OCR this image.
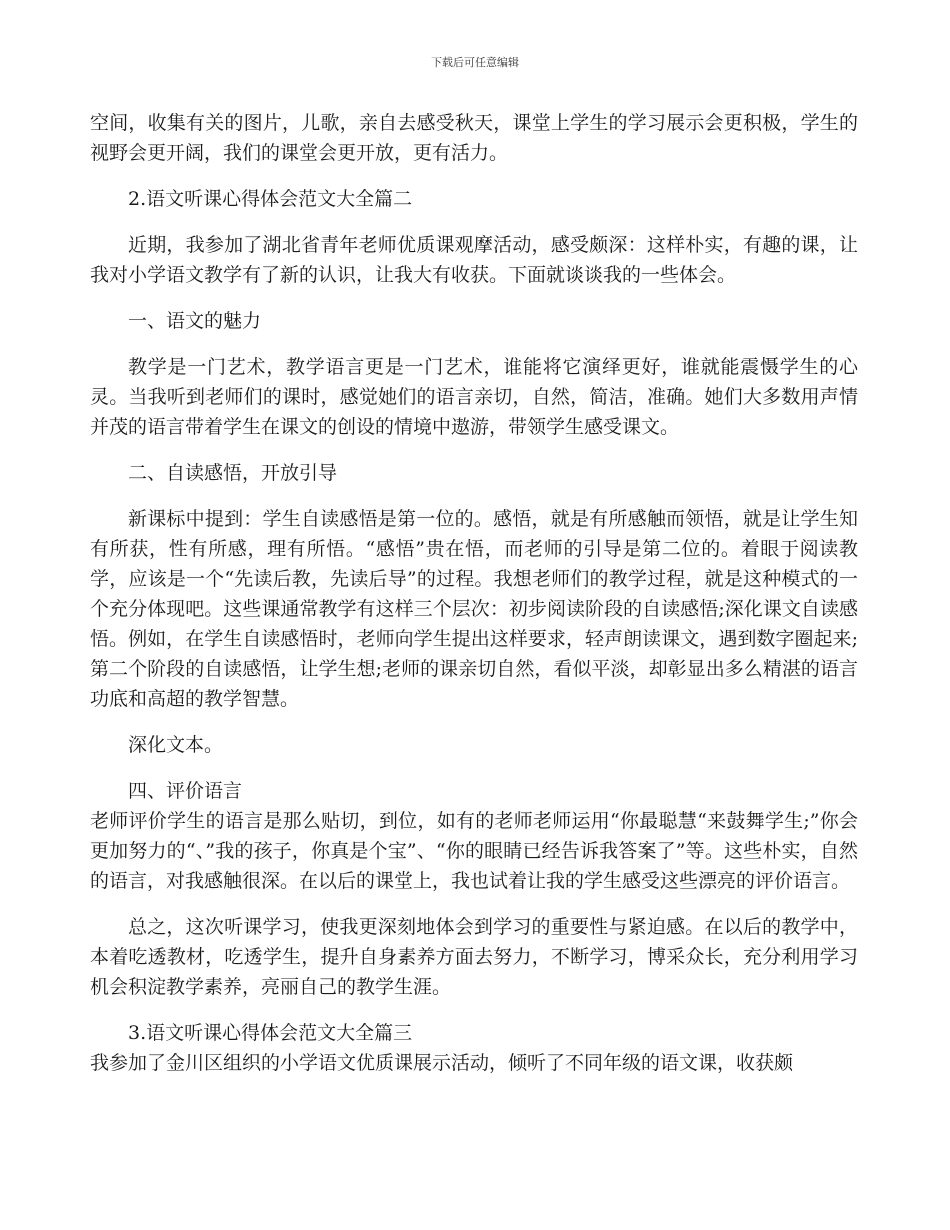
下载后可任意编辑

空间，收集有关的图片，儿歌，亲自去感受秋天，课堂上学生的学习展示会更积极，学生的视野会更开阔，我们的课堂会更开放，更有活力。

2.语文听课心得体会范文大全篇二

近期，我参加了湖北省青年老师优质课观摩活动，感受颇深：这样朴实，有趣的课，让我对小学语文教学有了新的认识，让我大有收获。下面就谈谈我的一些体会。

一、语文的魅力

教学是一门艺术，教学语言更是一门艺术，谁能将它演绎更好，谁就能震慑学生的心灵。当我听到老师们的课时，感觉她们的语言亲切，自然，简洁，准确。她们大多数用声情并茂的语言带着学生在课文的创设的情境中遨游，带领学生感受课文。

二、自读感悟，开放引导

新课标中提到：学生自读感悟是第一位的。感悟，就是有所感触而领悟，就是让学生知有所获，性有所感，理有所悟。“感悟”贵在悟，而老师的引导是第二位的。着眼于阅读教学，应该是一个“先读后教，先读后导”的过程。我想老师们的教学过程，就是这种模式的一个充分体现吧。这些课通常教学有这样三个层次：初步阅读阶段的自读感悟;深化课文自读感悟。例如，在学生自读感悟时，老师向学生提出这样要求，轻声朗读课文，遇到数字圈起来;第二个阶段的自读感悟，让学生想;老师的课亲切自然，看似平淡，却彰显出多么精湛的语言功底和高超的教学智慧。

深化文本。

四、评价语言

老师评价学生的语言是那么贴切，到位，如有的老师老师运用“你最聪慧“来鼓舞学生;”你会更加努力的“、”我的孩子，你真是个宝”、“你的眼睛已经告诉我答案了”等。这些朴实，自然的语言，对我感触很深。在以后的课堂上，我也试着让我的学生感受这些漂亮的评价语言。

总之，这次听课学习，使我更深刻地体会到学习的重要性与紧迫感。在以后的教学中，本着吃透教材，吃透学生，提升自身素养方面去努力，不断学习，博采众长，充分利用学习机会积淀教学素养，亮丽自己的教学生涯。

3.语文听课心得体会范文大全篇三

我参加了金川区组织的小学语文优质课展示活动，倾听了不同年级的语文课，收获颇
